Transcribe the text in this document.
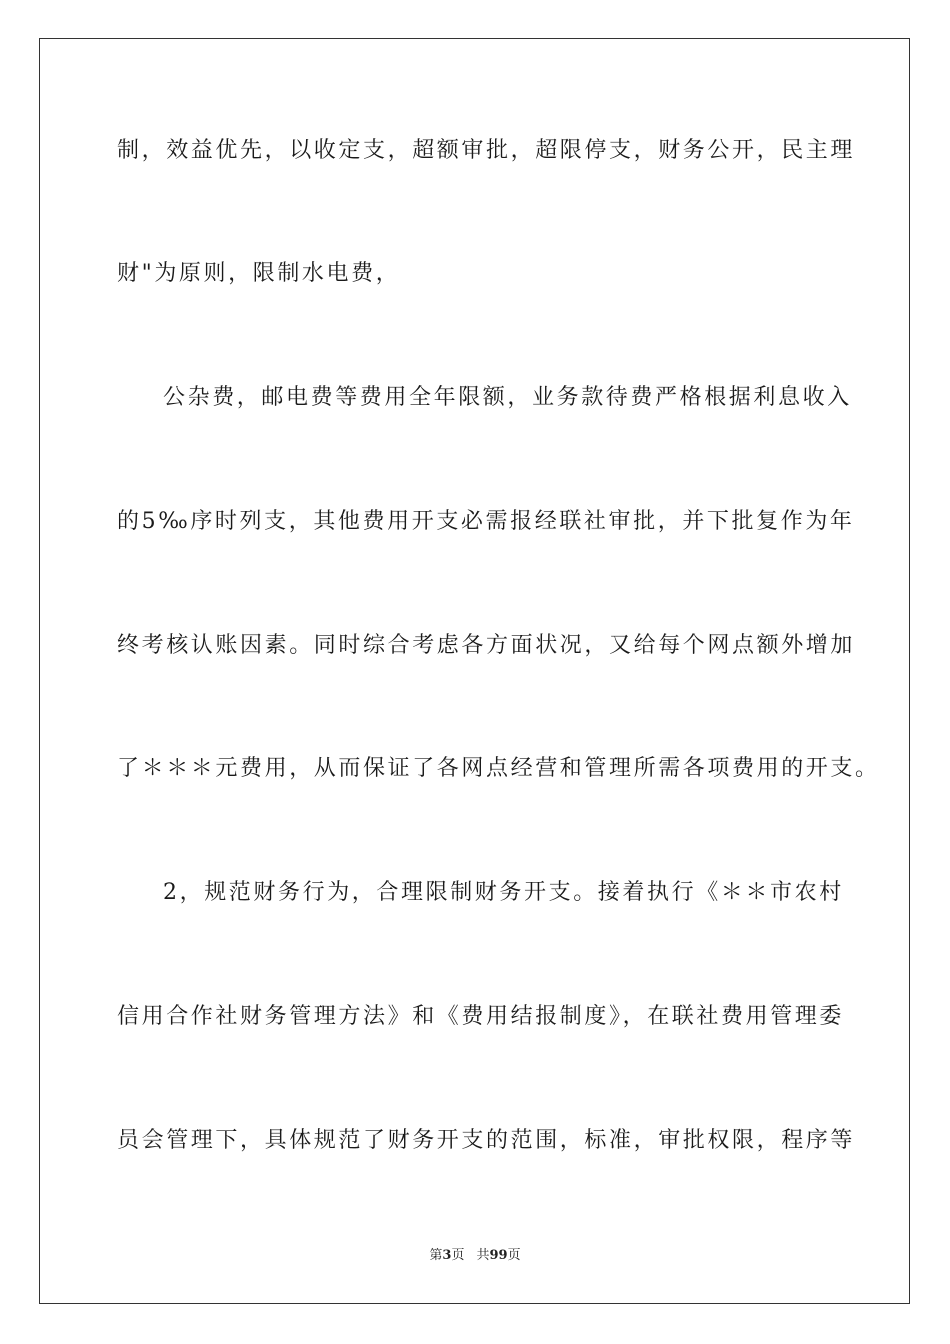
制，效益优先，以收定支，超额审批，超限停支，财务公开，民主理
财"为原则，限制水电费，
公杂费，邮电费等费用全年限额，业务款待费严格根据利息收入
的5‰序时列支，其他费用开支必需报经联社审批，并下批复作为年
终考核认账因素。同时综合考虑各方面状况，又给每个网点额外增加
了＊＊＊元费用，从而保证了各网点经营和管理所需各项费用的开支。
2，规范财务行为，合理限制财务开支。接着执行《＊＊市农村
信用合作社财务管理方法》和《费用结报制度》，在联社费用管理委
员会管理下，具体规范了财务开支的范围，标准，审批权限，程序等
第3页 共99页
